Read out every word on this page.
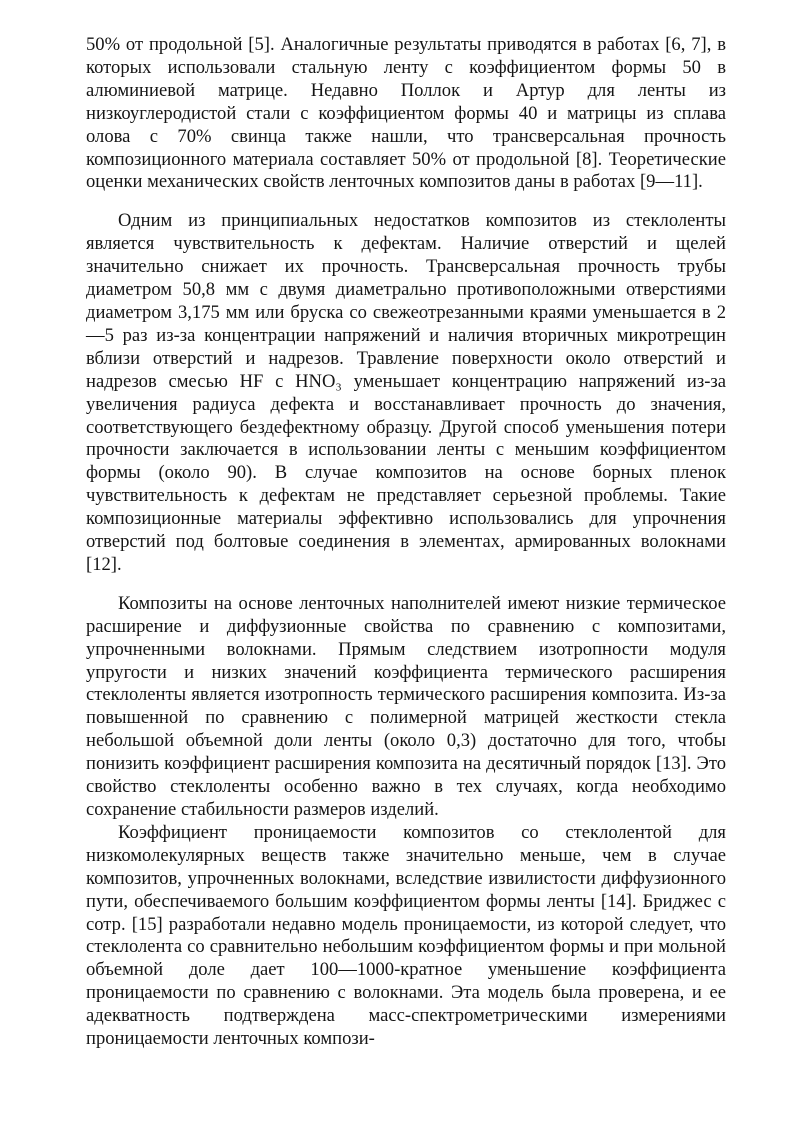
50% от продольной [5]. Аналогичные результаты приводятся в работах [6, 7], в которых использовали стальную ленту с коэффициентом формы 50 в алюминиевой матрице. Недавно Поллок и Артур для ленты из низкоуглеродистой стали с коэффициентом формы 40 и матрицы из сплава олова с 70% свинца также нашли, что трансверсальная прочность композиционного материала составляет 50% от продольной [8]. Теоретические оценки механических свойств ленточных композитов даны в работах [9—11].

Одним из принципиальных недостатков композитов из стеклоленты является чувствительность к дефектам. Наличие отверстий и щелей значительно снижает их прочность. Трансверсальная прочность трубы диаметром 50,8 мм с двумя диаметрально противоположными отверстиями диаметром 3,175 мм или бруска со свежеотрезанными краями уменьшается в 2—5 раз из-за концентрации напряжений и наличия вторичных микротрещин вблизи отверстий и надрезов. Травление поверхности около отверстий и надрезов смесью HF с HNO₃ уменьшает концентрацию напряжений из-за увеличения радиуса дефекта и восстанавливает прочность до значения, соответствующего бездефектному образцу. Другой способ уменьшения потери прочности заключается в использовании ленты с меньшим коэффициентом формы (около 90). В случае композитов на основе борных пленок чувствительность к дефектам не представляет серьезной проблемы. Такие композиционные материалы эффективно использовались для упрочнения отверстий под болтовые соединения в элементах, армированных волокнами [12].

Композиты на основе ленточных наполнителей имеют низкие термическое расширение и диффузионные свойства по сравнению с композитами, упрочненными волокнами. Прямым следствием изотропности модуля упругости и низких значений коэффициента термического расширения стеклоленты является изотропность термического расширения композита. Из-за повышенной по сравнению с полимерной матрицей жесткости стекла небольшой объемной доли ленты (около 0,3) достаточно для того, чтобы понизить коэффициент расширения композита на десятичный порядок [13]. Это свойство стеклоленты особенно важно в тех случаях, когда необходимо сохранение стабильности размеров изделий.

Коэффициент проницаемости композитов со стеклолентой для низкомолекулярных веществ также значительно меньше, чем в случае композитов, упрочненных волокнами, вследствие извилистости диффузионного пути, обеспечиваемого большим коэффициентом формы ленты [14]. Бриджес с сотр. [15] разработали недавно модель проницаемости, из которой следует, что стеклолента со сравнительно небольшим коэффициентом формы и при мольной объемной доле дает 100—1000-кратное уменьшение коэффициента проницаемости по сравнению с волокнами. Эта модель была проверена, и ее адекватность подтверждена масс-спектрометрическими измерениями проницаемости ленточных компози-
